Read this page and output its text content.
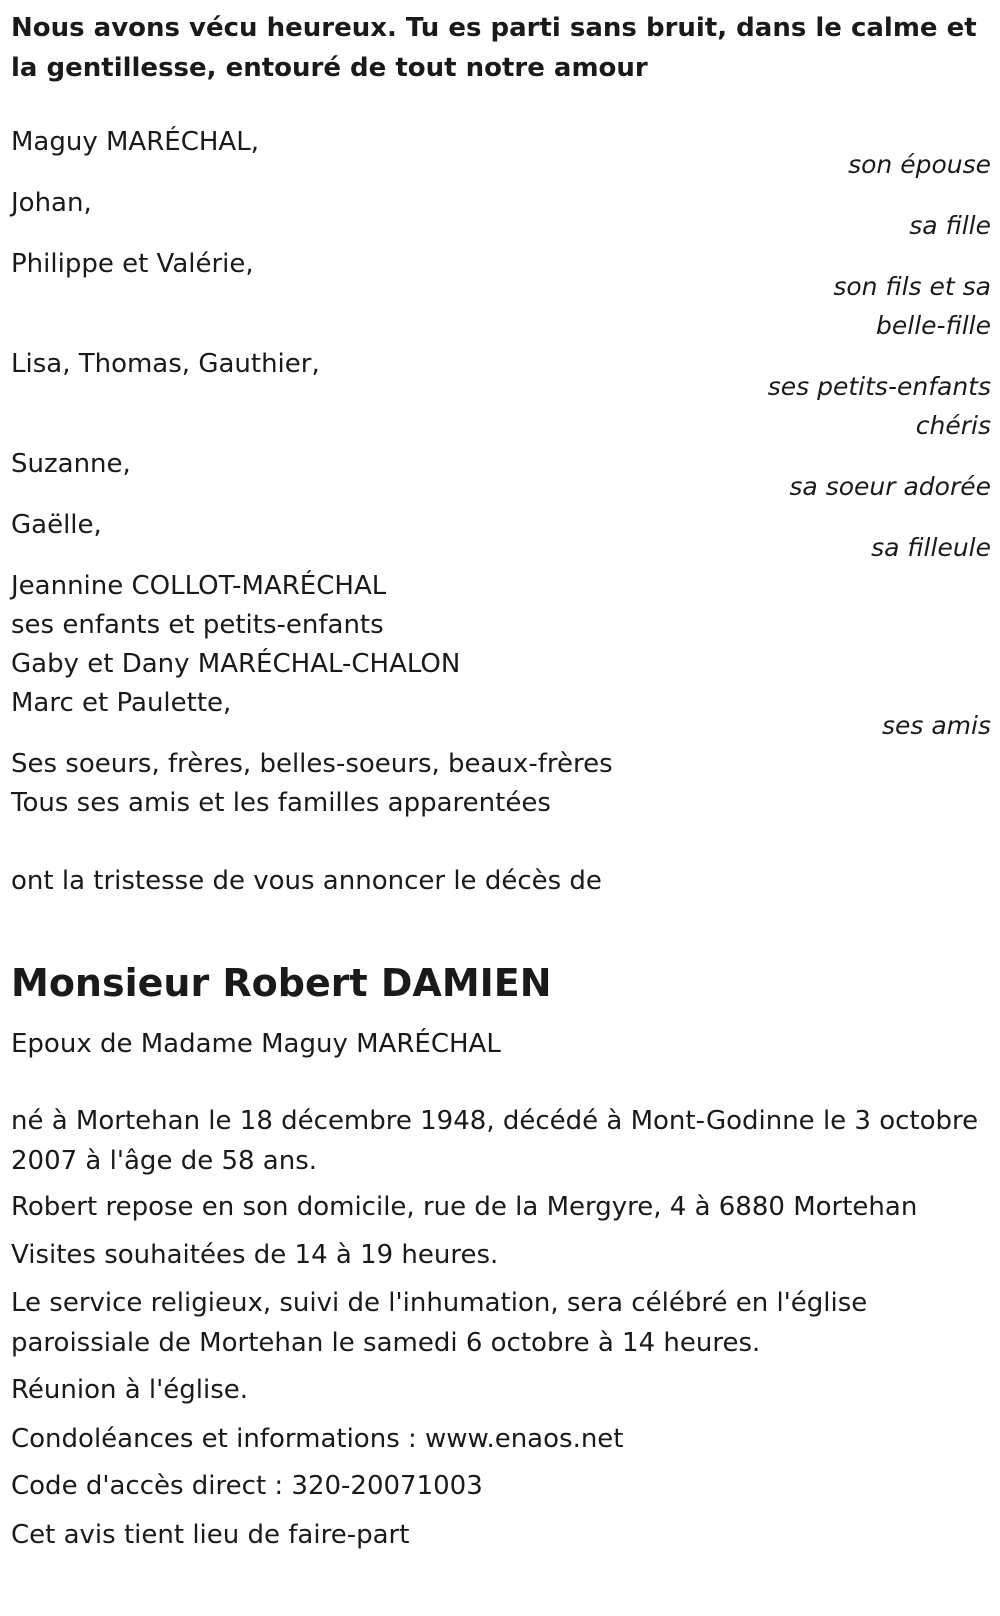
Nous avons vécu heureux. Tu es parti sans bruit, dans le calme et la gentillesse, entouré de tout notre amour

Maguy MARÉCHAL,

son épouse

Johan,

sa fille

Philippe et Valérie,

son fils et sa

belle-fille

Lisa, Thomas, Gauthier,

ses petits-enfants

chéris

Suzanne,

sa soeur adorée

Gaëlle,

sa filleule

Jeannine COLLOT-MARÉCHAL

ses enfants et petits-enfants

Gaby et Dany MARÉCHAL-CHALON

Marc et Paulette,

ses amis

Ses soeurs, frères, belles-soeurs, beaux-frères

Tous ses amis et les familles apparentées

ont la tristesse de vous annoncer le décès de

Monsieur Robert DAMIEN

Epoux de Madame Maguy MARÉCHAL

né à Mortehan le 18 décembre 1948, décédé à Mont-Godinne le 3 octobre 2007 à l'âge de 58 ans.

Robert repose en son domicile, rue de la Mergyre, 4 à 6880 Mortehan

Visites souhaitées de 14 à 19 heures.

Le service religieux, suivi de l'inhumation, sera célébré en l'église paroissiale de Mortehan le samedi 6 octobre à 14 heures.

Réunion à l'église.

Condoléances et informations : www.enaos.net

Code d'accès direct : 320-20071003

Cet avis tient lieu de faire-part
